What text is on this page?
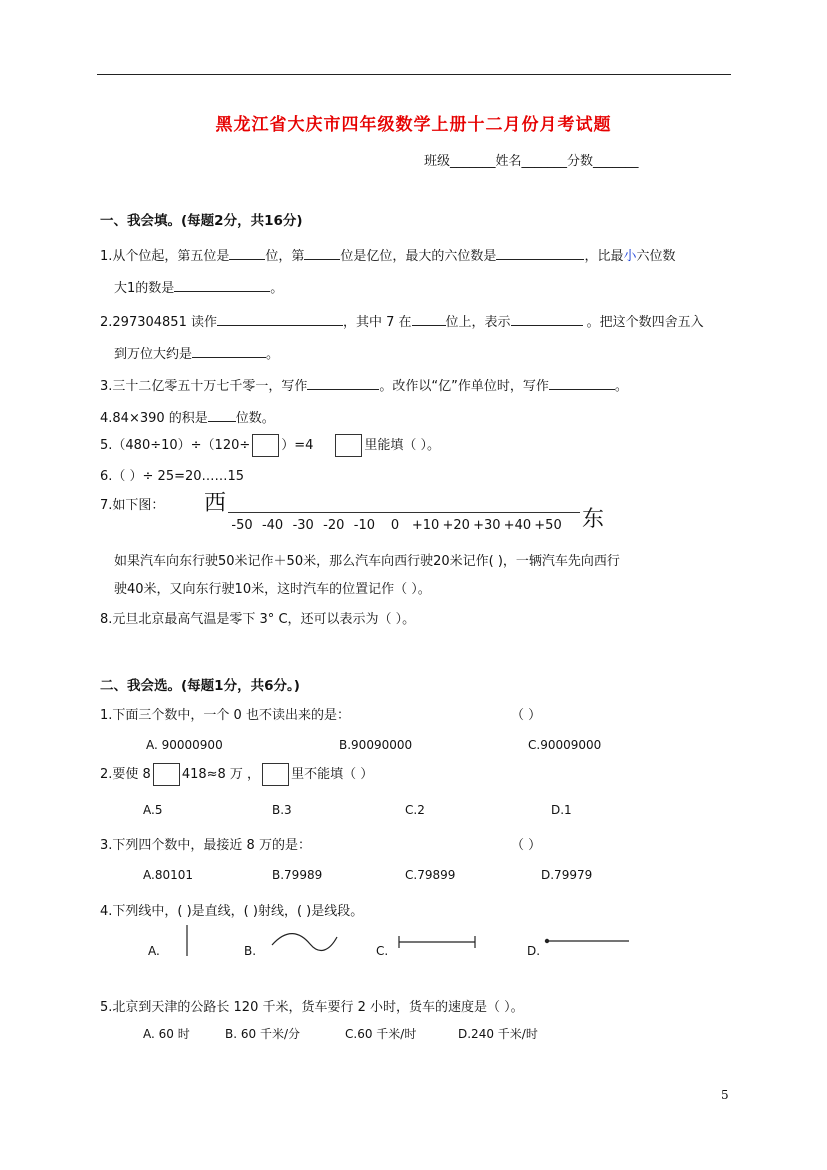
黑龙江省大庆市四年级数学上册十二月份月考试题
班级_______姓名_______分数_______
一、我会填。(每题2分，共16分)
1.从个位起，第五位是	位，第	位是亿位，最大的六位数是	，比最小六位数
大1的数是	。
2.297304851 读作	，其中 7 在	位上，表示	。把这个数四舍五入
到万位大约是	。
3.三十二亿零五十万七千零一，写作	。改作以“亿”作单位时，写作	。
4.84×390 的积是 位数。
5.（480÷10）÷（120÷ ）=4	里能填（ ）。
6.（ ）÷ 25=20……15
7.如下图： 西
东
-50 -40 -30 -20 -10	0 +10 +20 +30 +40 +50
如果汽车向东行驶50米记作＋50米，那么汽车向西行驶20米记作( )，一辆汽车先向西行
驶40米，又向东行驶10米，这时汽车的位置记作（ ）。
8.元旦北京最高气温是零下 3° C，还可以表示为（ ）。
二、我会选。(每题1分，共6分。)
1.下面三个数中，一个 0 也不读出来的是：	（ ）
A. 90000900	B.90090000	C.90009000
2.要使 8 418≈8 万 ， 里不能填（ ）
A.5	B.3	C.2	D.1
3.下列四个数中，最接近 8 万的是：	（ ）
A.80101	B.79989	C.79899	D.79979
4.下列线中，( )是直线，( )射线，( )是线段。
A.	B.	C.	D.
5.北京到天津的公路长 120 千米，货车要行 2 小时，货车的速度是（ ）。
A. 60 时	B. 60 千米/分	C.60 千米/时	D.240 千米/时
5
